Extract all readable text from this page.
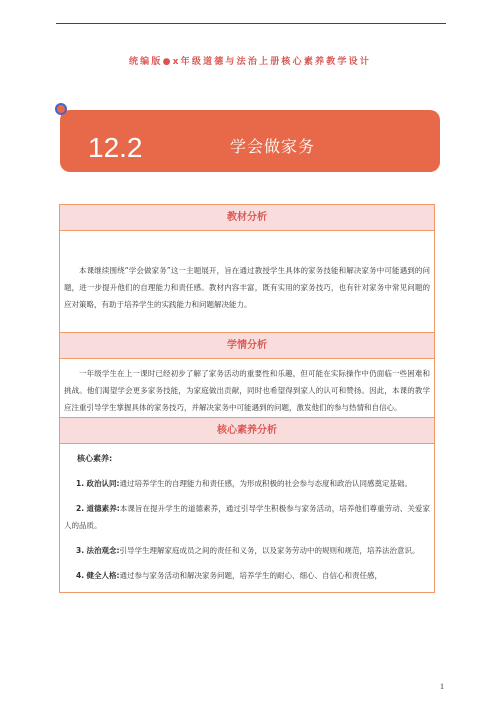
统编版●x年级道德与法治上册核心素养教学设计
12.2	学会做家务
教材分析

本课继续围绕“学会做家务”这一主题展开，旨在通过教授学生具体的家务技能和解决家务中可能遇到的问题，进一步提升他们的自理能力和责任感。教材内容丰富，既有实用的家务技巧，也有针对家务中常见问题的应对策略，有助于培养学生的实践能力和问题解决能力。

学情分析

一年级学生在上一课时已经初步了解了家务活动的重要性和乐趣，但可能在实际操作中仍面临一些困难和挑战。他们渴望学会更多家务技能，为家庭做出贡献，同时也希望得到家人的认可和赞扬。因此，本课的教学应注重引导学生掌握具体的家务技巧，并解决家务中可能遇到的问题，激发他们的参与热情和自信心。

核心素养分析

核心素养:

1. 政治认同:通过培养学生的自理能力和责任感，为形成积极的社会参与态度和政治认同感奠定基础。

2. 道德素养:本课旨在提升学生的道德素养，通过引导学生积极参与家务活动，培养他们尊重劳动、关爱家人的品质。

3. 法治观念:引导学生理解家庭成员之间的责任和义务，以及家务劳动中的规则和规范，培养法治意识。

4. 健全人格:通过参与家务活动和解决家务问题，培养学生的耐心、细心、自信心和责任感，

1
